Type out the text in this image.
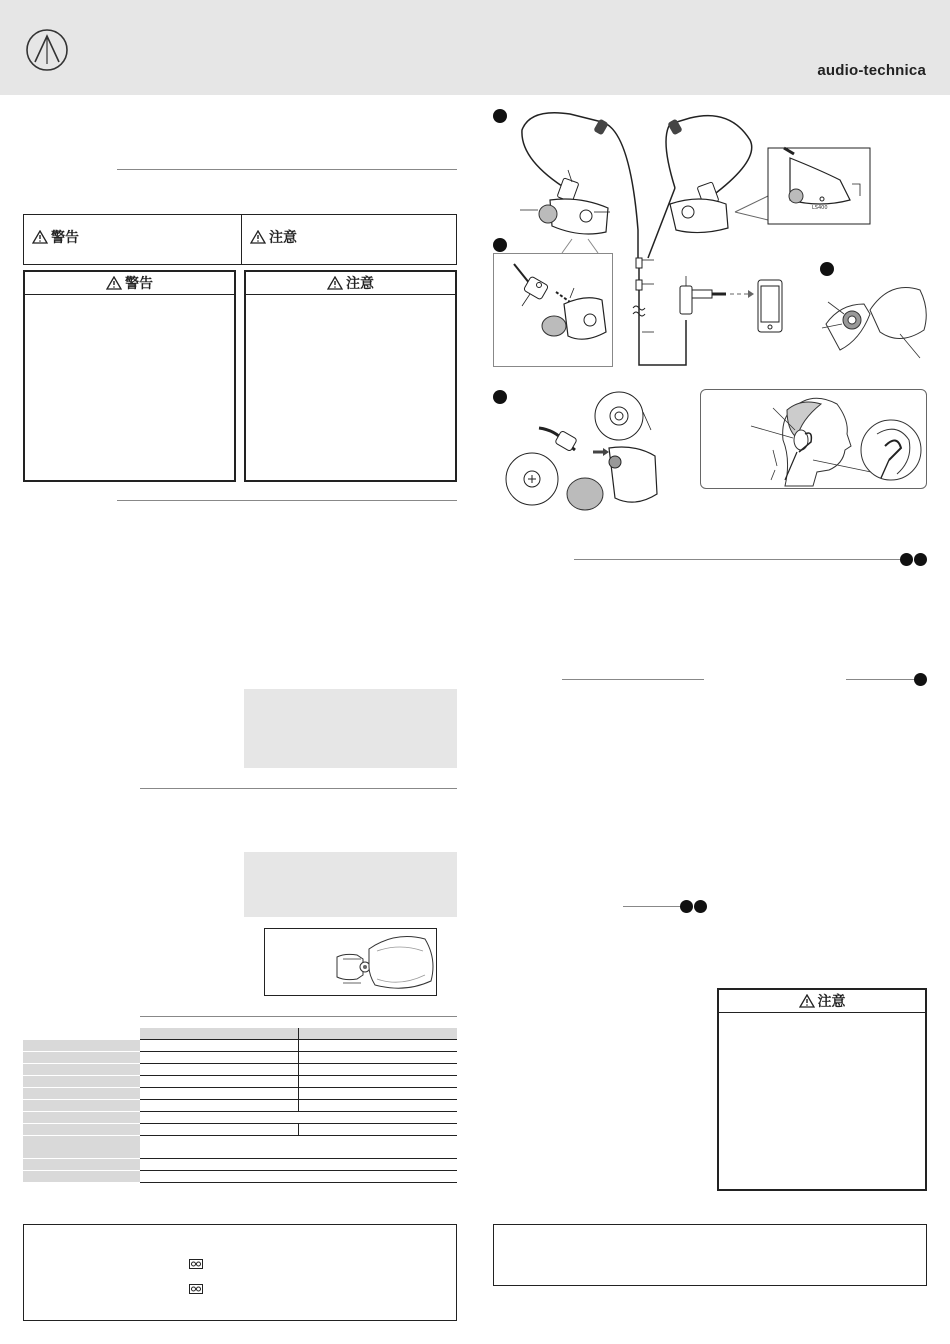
audio-technica
警告	注意
警告	注意

LS400
注意
